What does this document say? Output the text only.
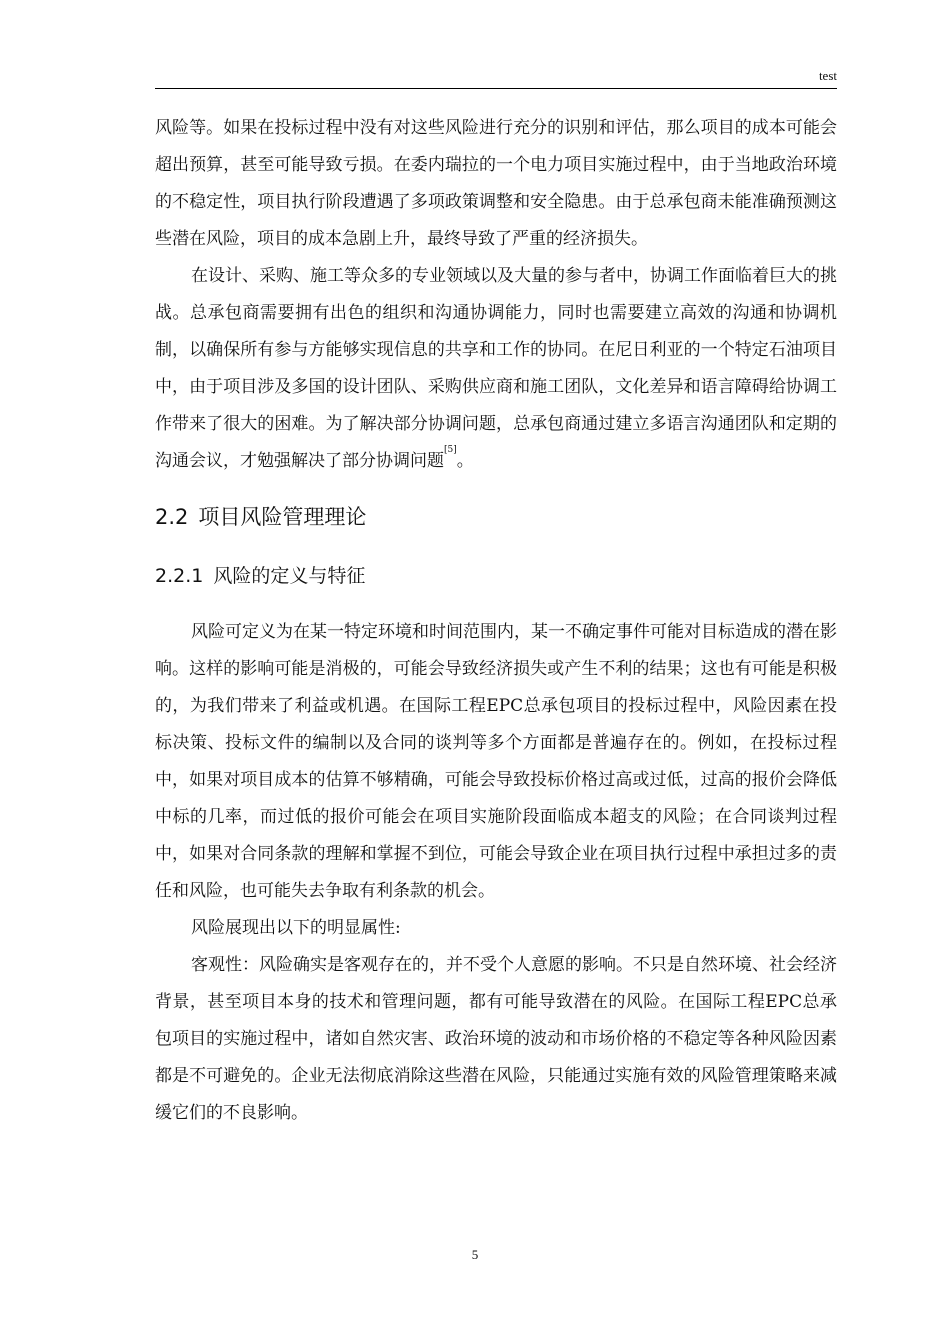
test

风险等。如果在投标过程中没有对这些风险进行充分的识别和评估，那么项目的成本可能会超出预算，甚至可能导致亏损。在委内瑞拉的一个电力项目实施过程中，由于当地政治环境的不稳定性，项目执行阶段遭遇了多项政策调整和安全隐患。由于总承包商未能准确预测这些潜在风险，项目的成本急剧上升，最终导致了严重的经济损失。

在设计、采购、施工等众多的专业领域以及大量的参与者中，协调工作面临着巨大的挑战。总承包商需要拥有出色的组织和沟通协调能力，同时也需要建立高效的沟通和协调机制，以确保所有参与方能够实现信息的共享和工作的协同。在尼日利亚的一个特定石油项目中，由于项目涉及多国的设计团队、采购供应商和施工团队，文化差异和语言障碍给协调工作带来了很大的困难。为了解决部分协调问题，总承包商通过建立多语言沟通团队和定期的沟通会议，才勉强解决了部分协调问题[5]。

2.2 项目风险管理理论
2.2.1 风险的定义与特征

风险可定义为在某一特定环境和时间范围内，某一不确定事件可能对目标造成的潜在影响。这样的影响可能是消极的，可能会导致经济损失或产生不利的结果；这也有可能是积极的，为我们带来了利益或机遇。在国际工程EPC总承包项目的投标过程中，风险因素在投标决策、投标文件的编制以及合同的谈判等多个方面都是普遍存在的。例如，在投标过程中，如果对项目成本的估算不够精确，可能会导致投标价格过高或过低，过高的报价会降低中标的几率，而过低的报价可能会在项目实施阶段面临成本超支的风险；在合同谈判过程中，如果对合同条款的理解和掌握不到位，可能会导致企业在项目执行过程中承担过多的责任和风险，也可能失去争取有利条款的机会。

风险展现出以下的明显属性:

客观性：风险确实是客观存在的，并不受个人意愿的影响。不只是自然环境、社会经济背景，甚至项目本身的技术和管理问题，都有可能导致潜在的风险。在国际工程EPC总承包项目的实施过程中，诸如自然灾害、政治环境的波动和市场价格的不稳定等各种风险因素都是不可避免的。企业无法彻底消除这些潜在风险，只能通过实施有效的风险管理策略来减缓它们的不良影响。

5
